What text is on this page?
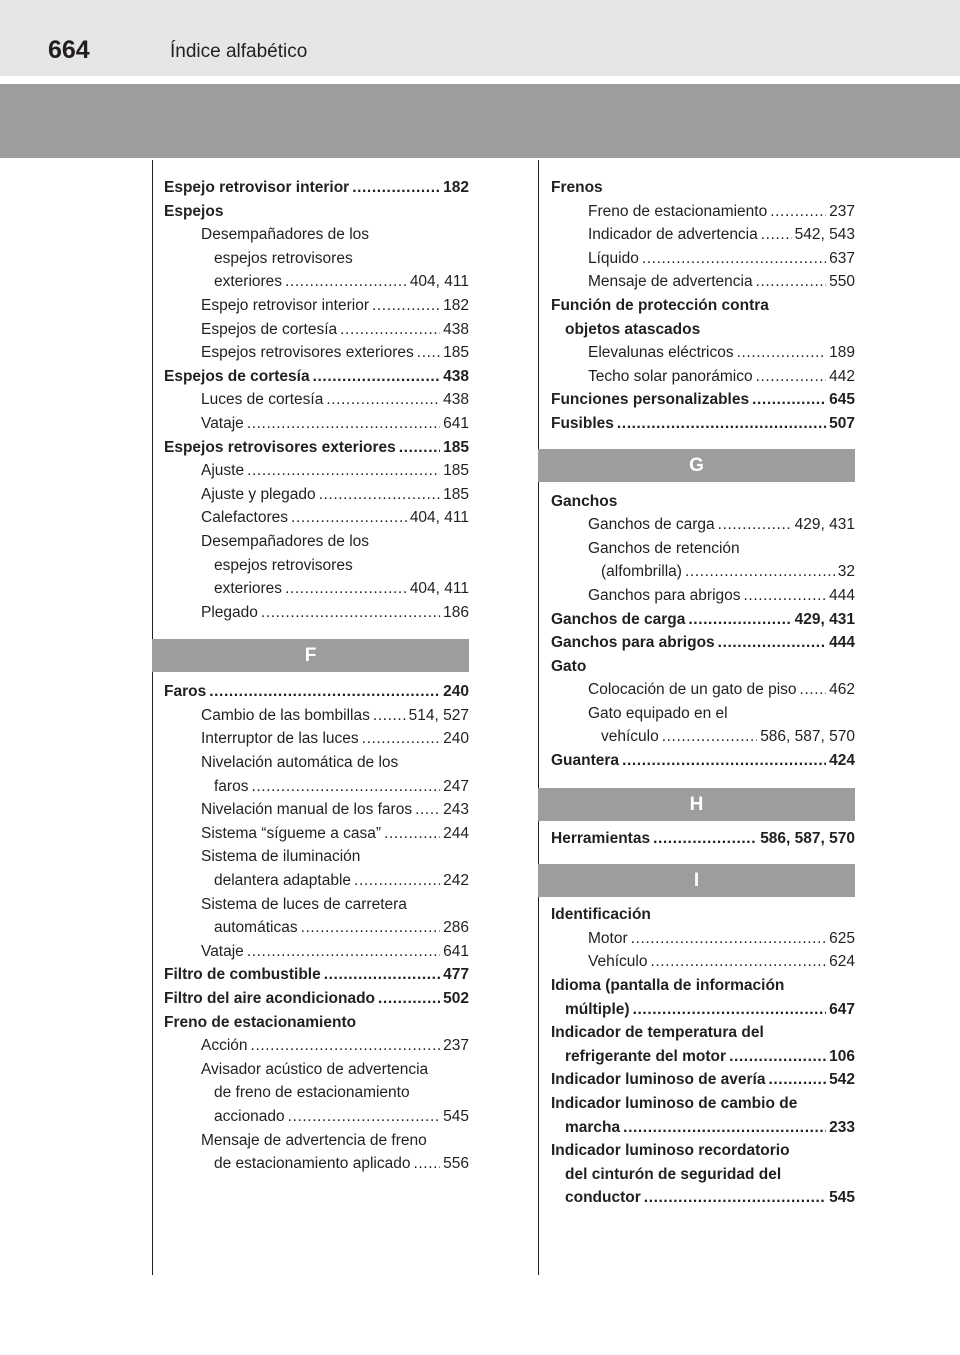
664	Índice alfabético
Espejo retrovisor interior .....	182
Espejos
Desempañadores de los
espejos retrovisores
exteriores .....	404, 411
Espejo retrovisor interior .....	182
Espejos de cortesía .....	438
Espejos retrovisores exteriores ..... 185
Espejos de cortesía .....	438
Luces de cortesía .....	438
Vataje .....	641
Espejos retrovisores exteriores .....	185
Ajuste .....	185
Ajuste y plegado .....	185
Calefactores .....	404, 411
Desempañadores de los
espejos retrovisores
exteriores .....	404, 411
Plegado .....	186
F
Faros .....	240
Cambio de las bombillas .....	514, 527
Interruptor de las luces .....	240
Nivelación automática de los
faros .....	247
Nivelación manual de los faros ..... 243
Sistema “sígueme a casa” .....	244
Sistema de iluminación
delantera adaptable .....	242
Sistema de luces de carretera
automáticas .....	286
Vataje .....	641
Filtro de combustible .....	477
Filtro del aire acondicionado .....	502
Freno de estacionamiento
Acción .....	237
Avisador acústico de advertencia
de freno de estacionamiento
accionado .....	545
Mensaje de advertencia de freno
de estacionamiento aplicado ..... 556
Frenos
Freno de estacionamiento .....	237
Indicador de advertencia ..... 542, 543
Líquido .....	637
Mensaje de advertencia .....	550
Función de protección contra
objetos atascados
Elevalunas eléctricos .....	189
Techo solar panorámico .....	442
Funciones personalizables .....	645
Fusibles .....	507
G
Ganchos
Ganchos de carga .....	429, 431
Ganchos de retención
(alfombrilla) .....	32
Ganchos para abrigos .....	444
Ganchos de carga .....	429, 431
Ganchos para abrigos .....	444
Gato
Colocación de un gato de piso ..... 462
Gato equipado en el
vehículo .....	586, 587, 570
Guantera .....	424
H
Herramientas .....	586, 587, 570
I
Identificación
Motor .....	625
Vehículo .....	624
Idioma (pantalla de información
múltiple) .....	647
Indicador de temperatura del
refrigerante del motor .....	106
Indicador luminoso de avería .....	542
Indicador luminoso de cambio de
marcha .....	233
Indicador luminoso recordatorio
del cinturón de seguridad del
conductor .....	545
